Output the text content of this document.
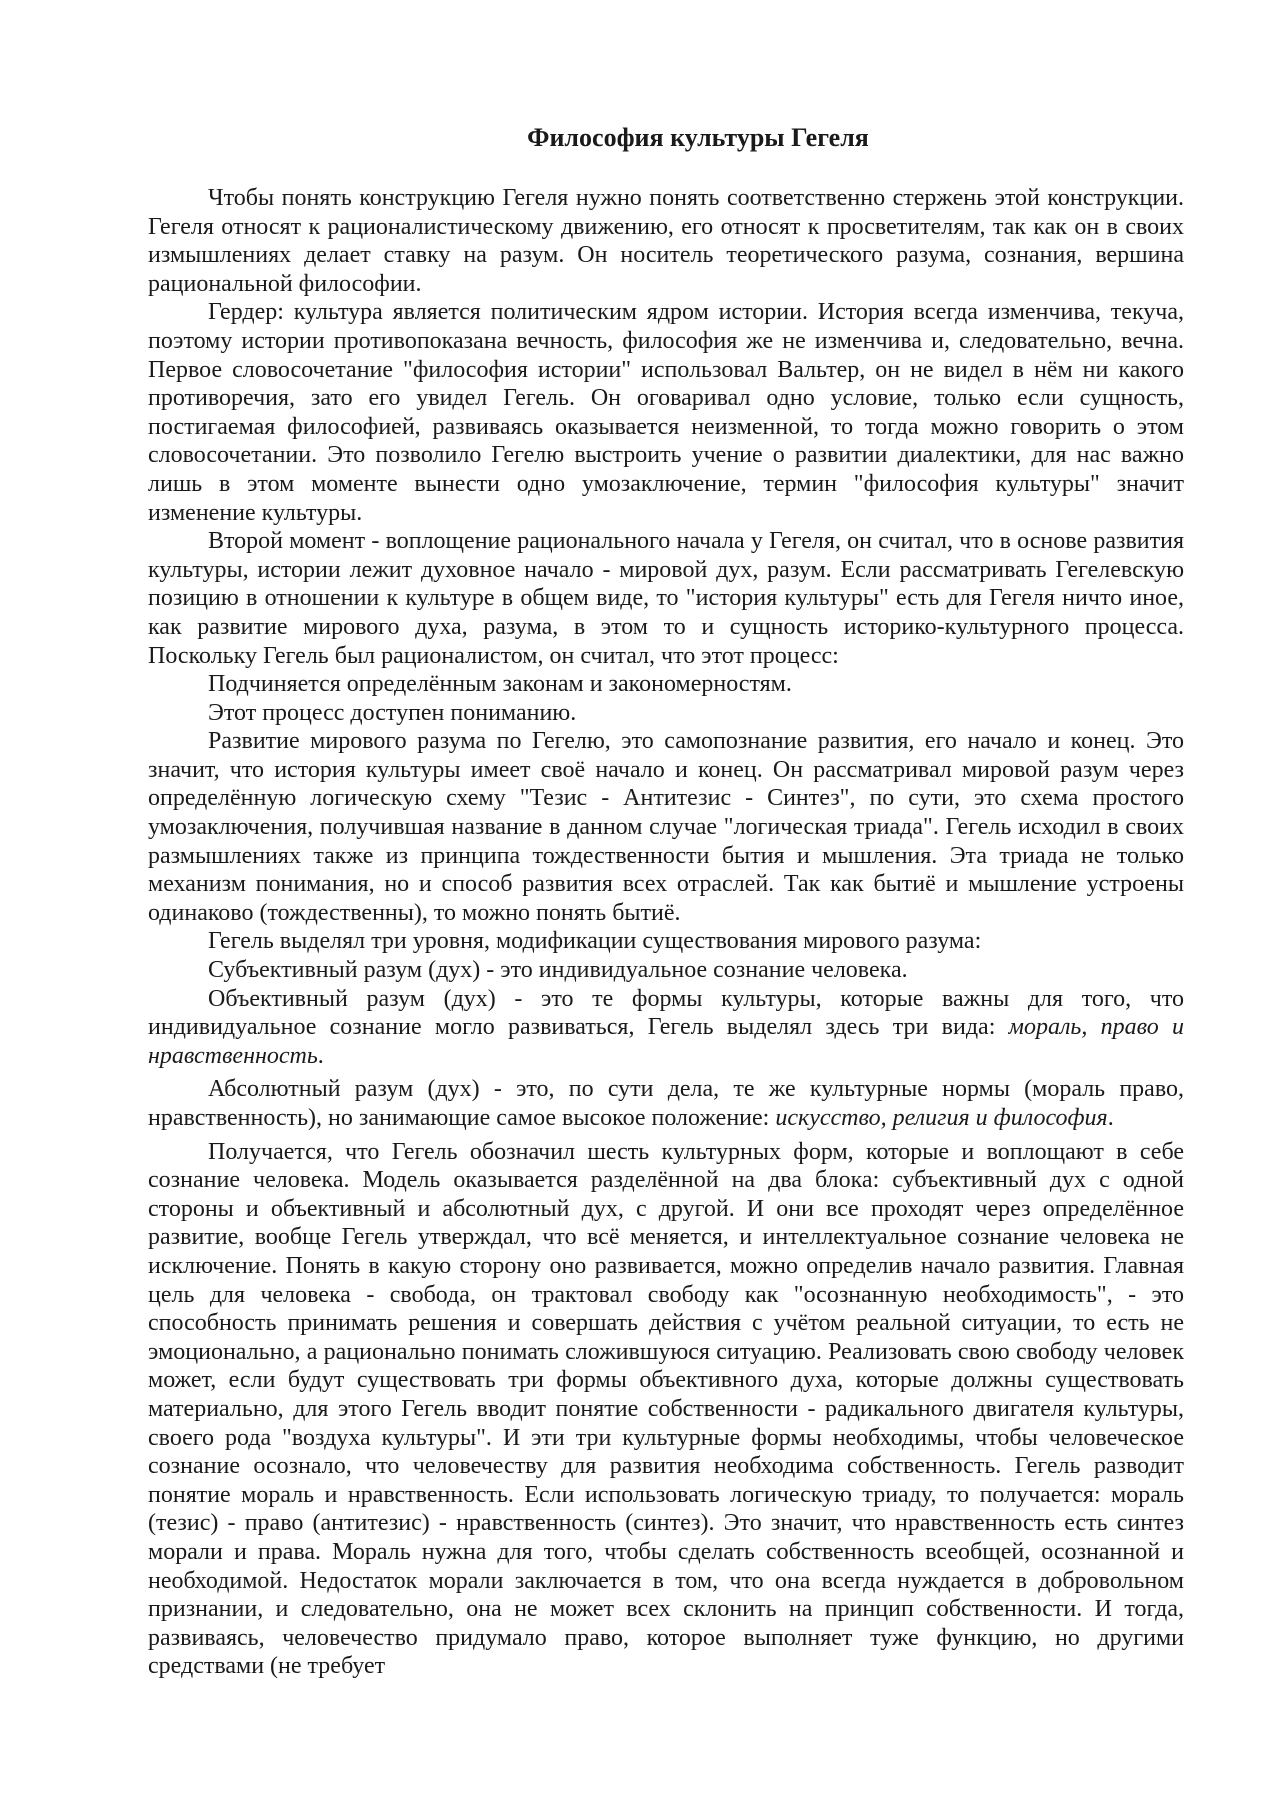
Философия культуры Гегеля

Чтобы понять конструкцию Гегеля нужно понять соответственно стержень этой конструкции. Гегеля относят к рационалистическому движению, его относят к просветителям, так как он в своих измышлениях делает ставку на разум. Он носитель теоретического разума, сознания, вершина рациональной философии.

Гердер: культура является политическим ядром истории. История всегда изменчива, текуча, поэтому истории противопоказана вечность, философия же не изменчива и, следовательно, вечна. Первое словосочетание "философия истории" использовал Вальтер, он не видел в нём ни какого противоречия, зато его увидел Гегель. Он оговаривал одно условие, только если сущность, постигаемая философией, развиваясь оказывается неизменной, то тогда можно говорить о этом словосочетании. Это позволило Гегелю выстроить учение о развитии диалектики, для нас важно лишь в этом моменте вынести одно умозаключение, термин "философия культуры" значит изменение культуры.

Второй момент - воплощение рационального начала у Гегеля, он считал, что в основе развития культуры, истории лежит духовное начало - мировой дух, разум. Если рассматривать Гегелевскую позицию в отношении к культуре в общем виде, то "история культуры" есть для Гегеля ничто иное, как развитие мирового духа, разума, в этом то и сущность историко-культурного процесса. Поскольку Гегель был рационалистом, он считал, что этот процесс:

Подчиняется определённым законам и закономерностям.

Этот процесс доступен пониманию.

Развитие мирового разума по Гегелю, это самопознание развития, его начало и конец. Это значит, что история культуры имеет своё начало и конец. Он рассматривал мировой разум через определённую логическую схему "Тезис - Антитезис - Синтез", по сути, это схема простого умозаключения, получившая название в данном случае "логическая триада". Гегель исходил в своих размышлениях также из принципа тождественности бытия и мышления. Эта триада не только механизм понимания, но и способ развития всех отраслей. Так как бытиё и мышление устроены одинаково (тождественны), то можно понять бытиё.

Гегель выделял три уровня, модификации существования мирового разума:

Субъективный разум (дух) - это индивидуальное сознание человека.

Объективный разум (дух) - это те формы культуры, которые важны для того, что индивидуальное сознание могло развиваться, Гегель выделял здесь три вида: мораль, право и нравственность.

Абсолютный разум (дух) - это, по сути дела, те же культурные нормы (мораль право, нравственность), но занимающие самое высокое положение: искусство, религия и философия.

Получается, что Гегель обозначил шесть культурных форм, которые и воплощают в себе сознание человека. Модель оказывается разделённой на два блока: субъективный дух с одной стороны и объективный и абсолютный дух, с другой. И они все проходят через определённое развитие, вообще Гегель утверждал, что всё меняется, и интеллектуальное сознание человека не исключение. Понять в какую сторону оно развивается, можно определив начало развития. Главная цель для человека - свобода, он трактовал свободу как "осознанную необходимость", - это способность принимать решения и совершать действия с учётом реальной ситуации, то есть не эмоционально, а рационально понимать сложившуюся ситуацию. Реализовать свою свободу человек может, если будут существовать три формы объективного духа, которые должны существовать материально, для этого Гегель вводит понятие собственности - радикального двигателя культуры, своего рода "воздуха культуры". И эти три культурные формы необходимы, чтобы человеческое сознание осознало, что человечеству для развития необходима собственность. Гегель разводит понятие мораль и нравственность. Если использовать логическую триаду, то получается: мораль (тезис) - право (антитезис) - нравственность (синтез). Это значит, что нравственность есть синтез морали и права. Мораль нужна для того, чтобы сделать собственность всеобщей, осознанной и необходимой. Недостаток морали заключается в том, что она всегда нуждается в добровольном признании, и следовательно, она не может всех склонить на принцип собственности. И тогда, развиваясь, человечество придумало право, которое выполняет туже функцию, но другими средствами (не требует
